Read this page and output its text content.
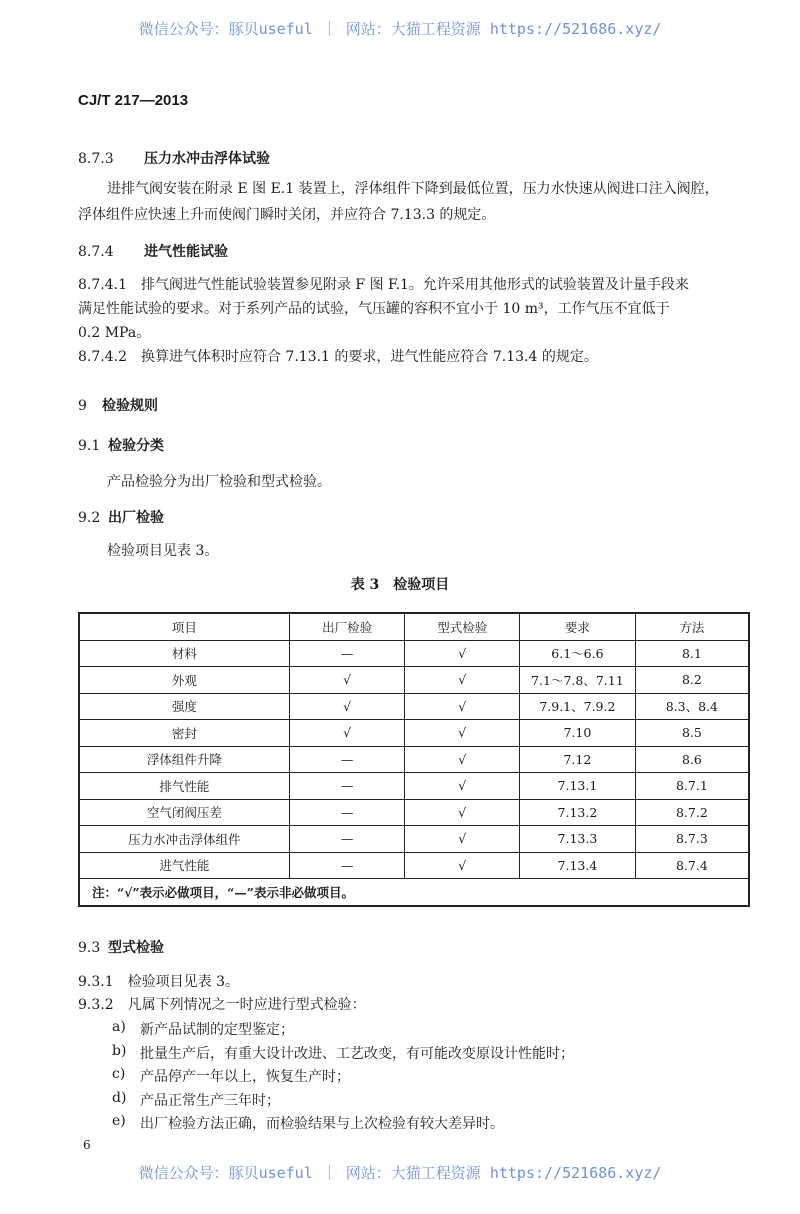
微信公众号：豚贝useful ｜ 网站：大猫工程资源 https://521686.xyz/
CJ/T 217—2013
8.7.3 压力水冲击浮体试验
进排气阀安装在附录 E 图 E.1 装置上，浮体组件下降到最低位置，压力水快速从阀进口注入阀腔，
浮体组件应快速上升而使阀门瞬时关闭，并应符合 7.13.3 的规定。
8.7.4 进气性能试验
8.7.4.1　排气阀进气性能试验装置参见附录 F 图 F.1。允许采用其他形式的试验装置及计量手段来
满足性能试验的要求。对于系列产品的试验，气压罐的容积不宜小于 10 m³，工作气压不宜低于
0.2 MPa。
8.7.4.2　换算进气体积时应符合 7.13.1 的要求，进气性能应符合 7.13.4 的规定。
9 检验规则
9.1 检验分类
产品检验分为出厂检验和型式检验。
9.2 出厂检验
检验项目见表 3。
表 3　检验项目
项目	出厂检验	型式检验	要求	方法
材料	—	√	6.1～6.6	8.1
外观	√	√	7.1～7.8、7.11	8.2
强度	√	√	7.9.1、7.9.2	8.3、8.4
密封	√	√	7.10	8.5
浮体组件升降	—	√	7.12	8.6
排气性能	—	√	7.13.1	8.7.1
空气闭阀压差	—	√	7.13.2	8.7.2
压力水冲击浮体组件	—	√	7.13.3	8.7.3
进气性能	—	√	7.13.4	8.7.4
注：“√”表示必做项目，“—”表示非必做项目。				
9.3 型式检验
9.3.1　检验项目见表 3。
9.3.2　凡属下列情况之一时应进行型式检验：
a) 新产品试制的定型鉴定；
b) 批量生产后，有重大设计改进、工艺改变，有可能改变原设计性能时；
c) 产品停产一年以上，恢复生产时；
d) 产品正常生产三年时；
e) 出厂检验方法正确，而检验结果与上次检验有较大差异时。
6
微信公众号：豚贝useful ｜ 网站：大猫工程资源 https://521686.xyz/
